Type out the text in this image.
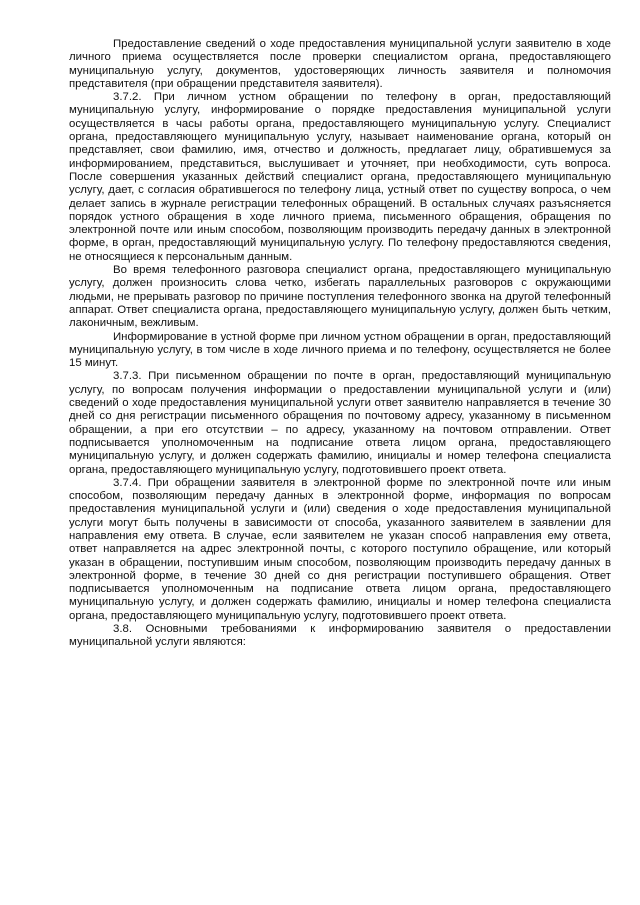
Предоставление сведений о ходе предоставления муниципальной услуги заявителю в ходе личного приема осуществляется после проверки специалистом органа, предоставляющего муниципальную услугу, документов, удостоверяющих личность заявителя и полномочия представителя (при обращении представителя заявителя).

3.7.2. При личном устном обращении по телефону в орган, предоставляющий муниципальную услугу, информирование о порядке предоставления муниципальной услуги осуществляется в часы работы органа, предоставляющего муниципальную услугу. Специалист органа, предоставляющего муниципальную услугу, называет наименование органа, который он представляет, свои фамилию, имя, отчество и должность, предлагает лицу, обратившемуся за информированием, представиться, выслушивает и уточняет, при необходимости, суть вопроса. После совершения указанных действий специалист органа, предоставляющего муниципальную услугу, дает, с согласия обратившегося по телефону лица, устный ответ по существу вопроса, о чем делает запись в журнале регистрации телефонных обращений. В остальных случаях разъясняется порядок устного обращения в ходе личного приема, письменного обращения, обращения по электронной почте или иным способом, позволяющим производить передачу данных в электронной форме, в орган, предоставляющий муниципальную услугу. По телефону предоставляются сведения, не относящиеся к персональным данным.

Во время телефонного разговора специалист органа, предоставляющего муниципальную услугу, должен произносить слова четко, избегать параллельных разговоров с окружающими людьми, не прерывать разговор по причине поступления телефонного звонка на другой телефонный аппарат. Ответ специалиста органа, предоставляющего муниципальную услугу, должен быть четким, лаконичным, вежливым.

Информирование в устной форме при личном устном обращении в орган, предоставляющий муниципальную услугу, в том числе в ходе личного приема и по телефону, осуществляется не более 15 минут.

3.7.3. При письменном обращении по почте в орган, предоставляющий муниципальную услугу, по вопросам получения информации о предоставлении муниципальной услуги и (или) сведений о ходе предоставления муниципальной услуги ответ заявителю направляется в течение 30 дней со дня регистрации письменного обращения по почтовому адресу, указанному в письменном обращении, а при его отсутствии – по адресу, указанному на почтовом отправлении. Ответ подписывается уполномоченным на подписание ответа лицом органа, предоставляющего муниципальную услугу, и должен содержать фамилию, инициалы и номер телефона специалиста органа, предоставляющего муниципальную услугу, подготовившего проект ответа.

3.7.4. При обращении заявителя в электронной форме по электронной почте или иным способом, позволяющим передачу данных в электронной форме, информация по вопросам предоставления муниципальной услуги и (или) сведения о ходе предоставления муниципальной услуги могут быть получены в зависимости от способа, указанного заявителем в заявлении для направления ему ответа. В случае, если заявителем не указан способ направления ему ответа, ответ направляется на адрес электронной почты, с которого поступило обращение, или который указан в обращении, поступившим иным способом, позволяющим производить передачу данных в электронной форме, в течение 30 дней со дня регистрации поступившего обращения. Ответ подписывается уполномоченным на подписание ответа лицом органа, предоставляющего муниципальную услугу, и должен содержать фамилию, инициалы и номер телефона специалиста органа, предоставляющего муниципальную услугу, подготовившего проект ответа.

3.8. Основными требованиями к информированию заявителя о предоставлении муниципальной услуги являются:
